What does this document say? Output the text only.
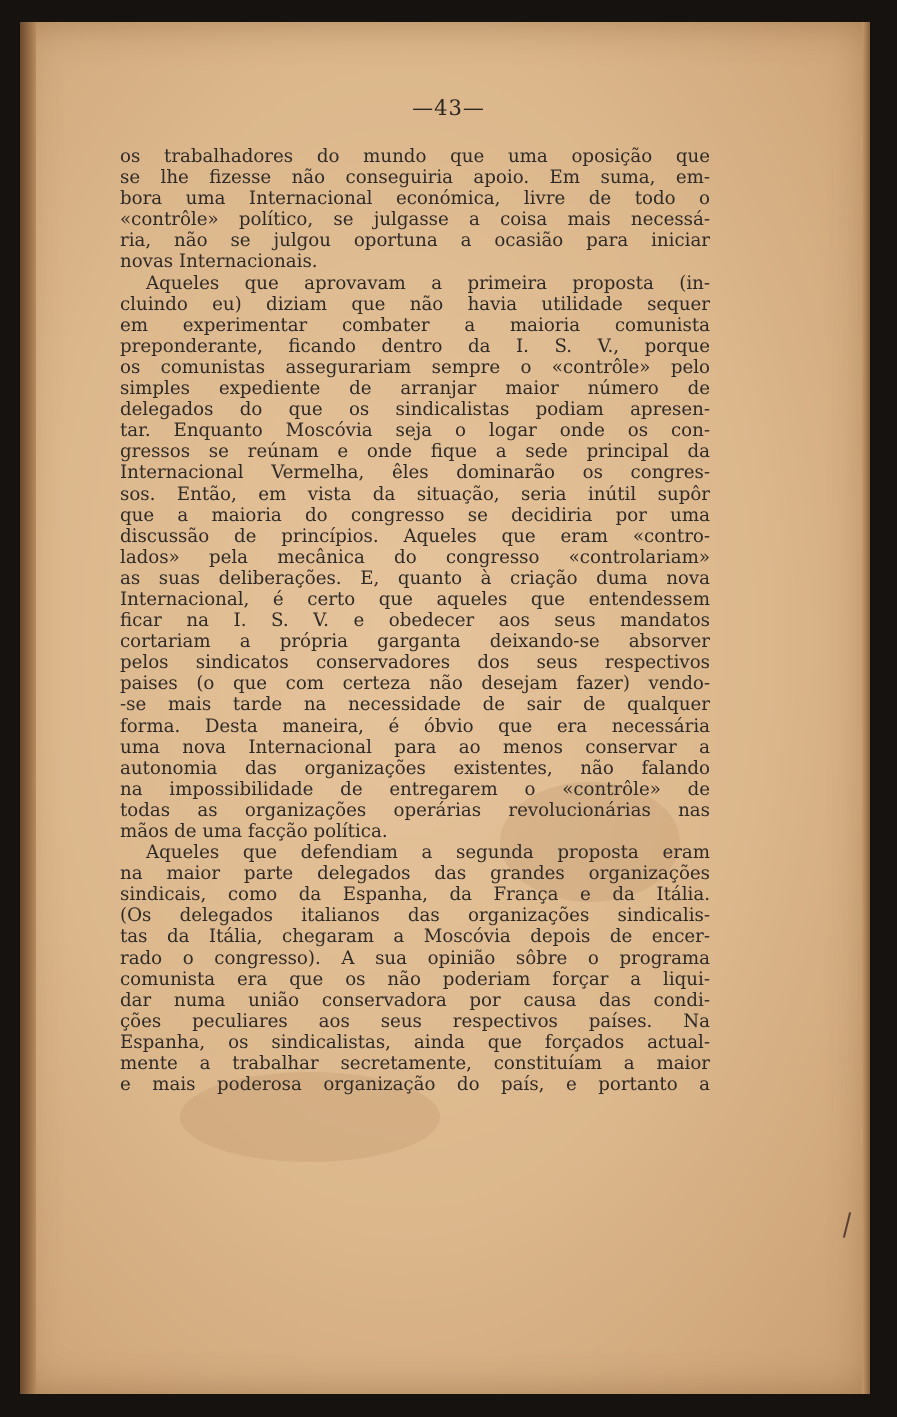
—43—
os trabalhadores do mundo que uma oposição que
se lhe fizesse não conseguiria apoio. Em suma, em-
bora uma Internacional económica, livre de todo o
«contrôle» político, se julgasse a coisa mais necessá-
ria, não se julgou oportuna a ocasião para iniciar
novas Internacionais.
Aqueles que aprovavam a primeira proposta (in-
cluindo eu) diziam que não havia utilidade sequer
em experimentar combater a maioria comunista
preponderante, ficando dentro da I. S. V., porque
os comunistas assegurariam sempre o «contrôle» pelo
simples expediente de arranjar maior número de
delegados do que os sindicalistas podiam apresen-
tar. Enquanto Moscóvia seja o logar onde os con-
gressos se reúnam e onde fique a sede principal da
Internacional Vermelha, êles dominarão os congres-
sos. Então, em vista da situação, seria inútil supôr
que a maioria do congresso se decidiria por uma
discussão de princípios. Aqueles que eram «contro-
lados» pela mecânica do congresso «controlariam»
as suas deliberações. E, quanto à criação duma nova
Internacional, é certo que aqueles que entendessem
ficar na I. S. V. e obedecer aos seus mandatos
cortariam a própria garganta deixando-se absorver
pelos sindicatos conservadores dos seus respectivos
paises (o que com certeza não desejam fazer) vendo-
-se mais tarde na necessidade de sair de qualquer
forma. Desta maneira, é óbvio que era necessária
uma nova Internacional para ao menos conservar a
autonomia das organizações existentes, não falando
na impossibilidade de entregarem o «contrôle» de
todas as organizações operárias revolucionárias nas
mãos de uma facção política.
Aqueles que defendiam a segunda proposta eram
na maior parte delegados das grandes organizações
sindicais, como da Espanha, da França e da Itália.
(Os delegados italianos das organizações sindicalis-
tas da Itália, chegaram a Moscóvia depois de encer-
rado o congresso). A sua opinião sôbre o programa
comunista era que os não poderiam forçar a liqui-
dar numa união conservadora por causa das condi-
ções peculiares aos seus respectivos países. Na
Espanha, os sindicalistas, ainda que forçados actual-
mente a trabalhar secretamente, constituíam a maior
e mais poderosa organização do país, e portanto a
